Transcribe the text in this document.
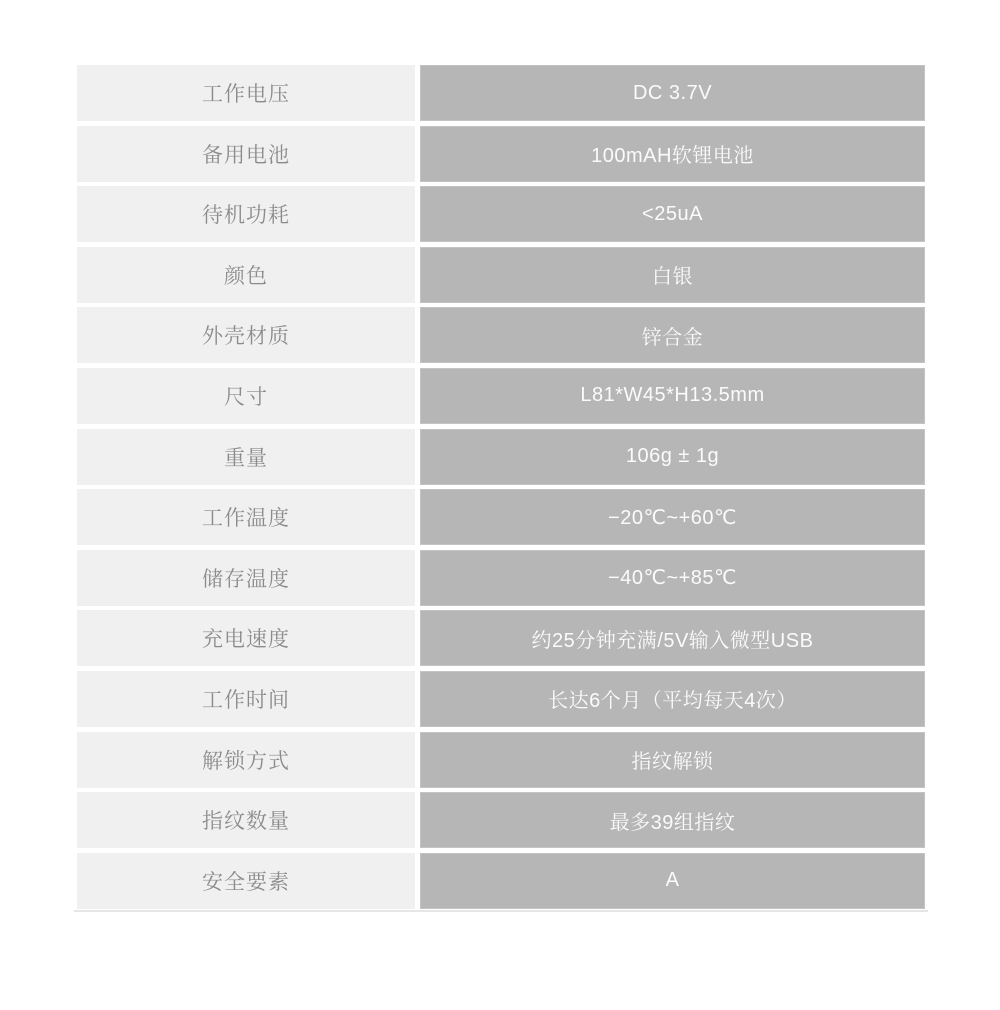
工作电压	DC 3.7V
备用电池	100mAH软锂电池
待机功耗	<25uA
颜色	白银
外壳材质	锌合金
尺寸	L81*W45*H13.5mm
重量	106g ± 1g
工作温度	−20℃~+60℃
储存温度	−40℃~+85℃
充电速度	约25分钟充满/5V输入微型USB
工作时间	长达6个月（平均每天4次）
解锁方式	指纹解锁
指纹数量	最多39组指纹
安全要素	A
